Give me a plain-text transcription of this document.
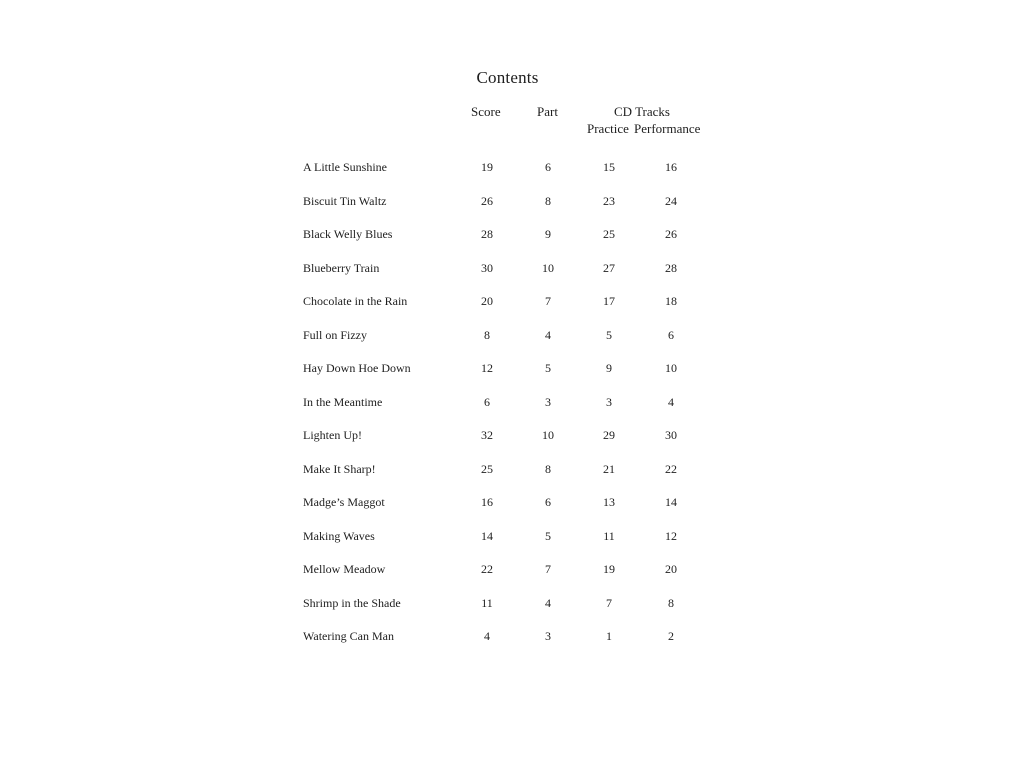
Contents
Score	Part	CD Tracks
Practice Performance
A Little Sunshine	19	6	15	16
Biscuit Tin Waltz	26	8	23	24
Black Welly Blues	28	9	25	26
Blueberry Train	30	10	27	28
Chocolate in the Rain	20	7	17	18
Full on Fizzy	8	4	5	6
Hay Down Hoe Down	12	5	9	10
In the Meantime	6	3	3	4
Lighten Up!	32	10	29	30
Make It Sharp!	25	8	21	22
Madge’s Maggot	16	6	13	14
Making Waves	14	5	11	12
Mellow Meadow	22	7	19	20
Shrimp in the Shade	11	4	7	8
Watering Can Man	4	3	1	2
